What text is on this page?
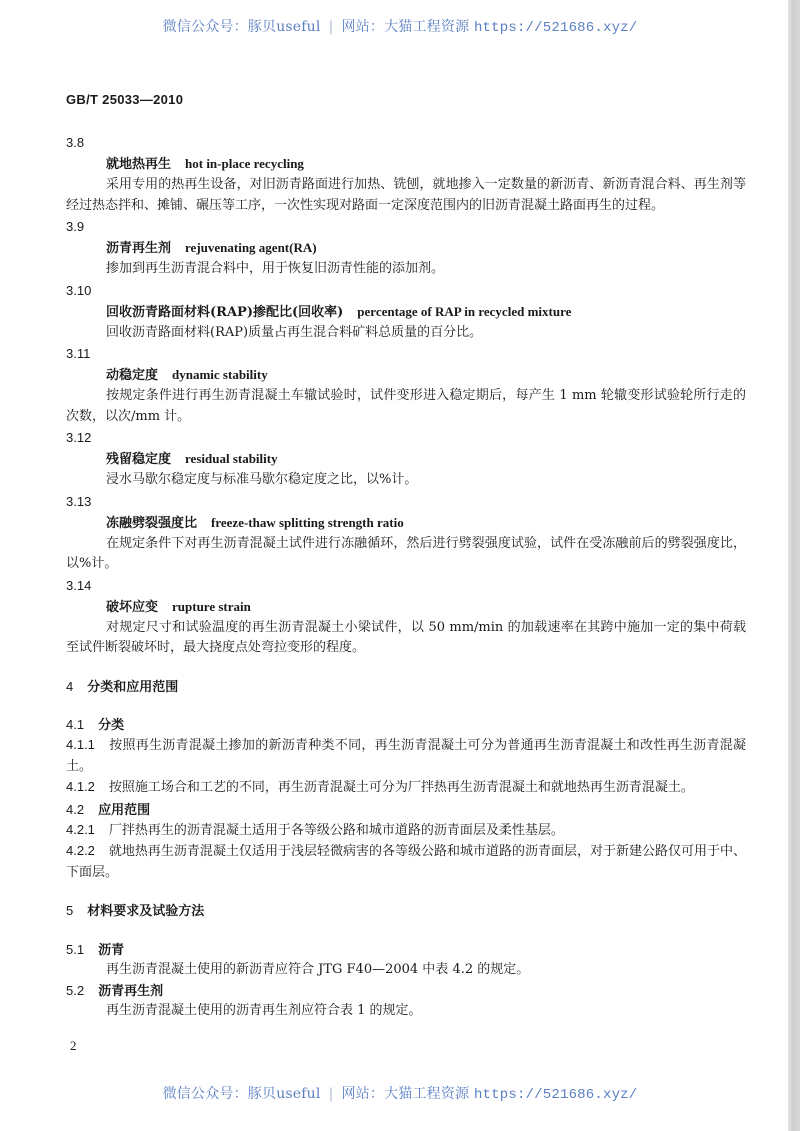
微信公众号：豚贝useful | 网站：大猫工程资源 https://521686.xyz/
GB/T 25033—2010
3.8
就地热再生 hot in-place recycling

采用专用的热再生设备，对旧沥青路面进行加热、铣刨，就地掺入一定数量的新沥青、新沥青混合料、再生剂等经过热态拌和、摊铺、碾压等工序，一次性实现对路面一定深度范围内的旧沥青混凝土路面再生的过程。

3.9
沥青再生剂 rejuvenating agent(RA)

掺加到再生沥青混合料中，用于恢复旧沥青性能的添加剂。

3.10
回收沥青路面材料(RAP)掺配比(回收率) percentage of RAP in recycled mixture

回收沥青路面材料(RAP)质量占再生混合料矿料总质量的百分比。

3.11
动稳定度 dynamic stability

按规定条件进行再生沥青混凝土车辙试验时，试件变形进入稳定期后，每产生 1 mm 轮辙变形试验轮所行走的次数，以次/mm 计。

3.12
残留稳定度 residual stability

浸水马歇尔稳定度与标准马歇尔稳定度之比，以%计。

3.13
冻融劈裂强度比 freeze-thaw splitting strength ratio

在规定条件下对再生沥青混凝土试件进行冻融循环，然后进行劈裂强度试验，试件在受冻融前后的劈裂强度比，以%计。

3.14
破坏应变 rupture strain

对规定尺寸和试验温度的再生沥青混凝土小梁试件，以 50 mm/min 的加载速率在其跨中施加一定的集中荷载至试件断裂破坏时，最大挠度点处弯拉变形的程度。

4 分类和应用范围
4.1 分类
4.1.1 按照再生沥青混凝土掺加的新沥青种类不同，再生沥青混凝土可分为普通再生沥青混凝土和改性再生沥青混凝土。
4.1.2 按照施工场合和工艺的不同，再生沥青混凝土可分为厂拌热再生沥青混凝土和就地热再生沥青混凝土。
4.2 应用范围
4.2.1 厂拌热再生的沥青混凝土适用于各等级公路和城市道路的沥青面层及柔性基层。
4.2.2 就地热再生沥青混凝土仅适用于浅层轻微病害的各等级公路和城市道路的沥青面层，对于新建公路仅可用于中、下面层。
5 材料要求及试验方法
5.1 沥青

再生沥青混凝土使用的新沥青应符合 JTG F40—2004 中表 4.2 的规定。

5.2 沥青再生剂

再生沥青混凝土使用的沥青再生剂应符合表 1 的规定。

2
微信公众号：豚贝useful | 网站：大猫工程资源 https://521686.xyz/
